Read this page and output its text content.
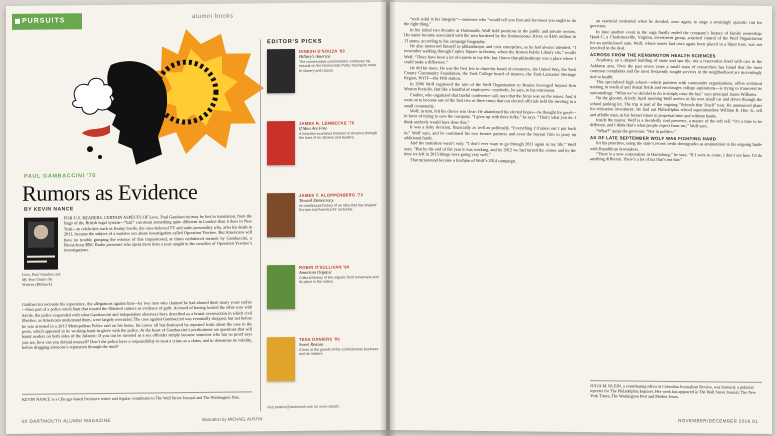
PURSUITS
alumni books
PAUL GAMBACCINI '70
Rumors as Evidence
BY KEVIN NANCE
Love, Paul Gambaccini: My Year Under the Yewtree (Biteback)
FOR U.S. READERS, CERTAIN ASPECTS OF Love, Paul Gambaccini may be lost in translation, from the lingo of the British legal system—“bail” can mean something quite different in London than it does in New York—to celebrities such as Jimmy Savile, the once-beloved TV and radio personality who, after his death in 2011, became the subject of a massive sex abuse investigation called Operation Yewtree. But Americans will have no trouble grasping the essence of this impassioned, at times embittered memoir by Gambaccini, a Bronx-born BBC Radio presenter who spent more than a year caught in the crossfire of Operation Yewtree’s investigations.
Gambaccini recounts his experience, the allegations against him—by two men who claimed he had abused them many years earlier—then part of a police witch hunt that treated the flimsiest rumors as evidence of guilt. Accused of having looked the other way with Savile, the police responded with what Gambaccini and independent observers have described as a brutal overreaction in which civil liberties, as Americans understand them, were largely overruled. The case against Gambaccini was eventually dropped, but not before he was arrested in a 2013 Metropolitan Police raid on his home, his career all but destroyed by repeated leaks about the case to the press, which appeared to be working hand-in-glove with the police. At the heart of Gambaccini’s predicament are questions that will haunt readers on both sides of the Atlantic: If you can be arrested as a sex offender simply because someone who has no proof says you are, how can you defend yourself? Don’t the police have a responsibility to treat a crime as a claim, and to determine its validity, before dragging someone’s reputation through the mud?
KEVIN NANCE is a Chicago-based freelance writer and regular contributor to The Wall Street Journal and The Washington Post.
60 DARTMOUTH ALUMNI MAGAZINE	illustration by MICHAEL AUSTIN
EDITOR'S PICKS
DINESH D'SOUZA '83
Hillary's America
The conservative commentator continues his assault on the Democratic Party, tracing its roots to slavery and racism.
JAMES R. LEMBECKE '75
If Men Are Free
A historian examines freedom in America through the lives of its citizens and leaders.
JAMES T. KLOPPENBERG '73
Toward Democracy
An intellectual history of an idea that has shaped Europe and America for centuries.
ROBIN O'SULLIVAN '90
American Organic
Cultural history of the organic food movement and its place in the nation.
TESS DANIERS '06
Sweet Reason
A look at the growth of the confectionery business and its makers.
Visit petition@dartmouth.edu for more details.

“rock solid in his integrity”—someone who “would tell you first and foremost you ought to do the right thing.”

In his initial two decades at Dartmouth, Wolf held positions in the public and private sectors. His name became associated with the area bordered by the Ammonoosuc River, to $185 million in 13 states, according to his campaign biography.

He also immersed himself in philanthropic and civic enterprises, as he had always intended. “I remember walking through Copley Square in Boston, where the Boston Public Library sits,” recalls Wolf. “There have been a lot of experts in my life, but I knew that philanthropy was a place where I could make a difference.”

He did far more. He was the first Jew to chair the board of commerce, the United Way, the York County Community Foundation, the York College board of trustees, the York-Lancaster Heritage Region, WITF—the PBS station.

In 2006 Wolf registered the sale of the Wolf Organization to Boston leveraged buyout firm Weston Presidio. But like a handful of employees—symbolic, he says, to his retirement.

Coulter, who organized that fateful conference call, says that the focus was on the issues. And it went on to become one of the first two or three times that our elected officials held the meeting in a small community.

Wolf, in turn, felt his choice was clear: He abandoned his elected hopes—he thought for good—in favor of trying to save the company. “I grew up with three folks,” he says. “That’s what you do. I think anybody would have done this.”

It was a risky decision, financially as well as politically. “Everything I’d taken out I put back in,” Wolf says, and he continued his two former partners and even the buyout firm to pony up additional funds.

And the transition wasn’t easy. “I don’t ever want to go through 2011 again in my life,” Wolf says. “But by the end of the year it was working, and by 2012 we had turned the corner and by the time we left in 2013 things were going very well.”

That turnaround became a linchpin of Wolf’s 2014 campaign.

an essential credential when he decided, once again, to stage a seemingly quixotic run for governor.

In June another event in the saga finally ended the company’s history of family ownership: Quad-C, a Charlottesville, Virginia, investment group, acquired control of the Wolf Organization for an undisclosed sum. Wolf, whose assets had once again been placed in a blind trust, was not involved in the deal.

ACROSS FROM THE KENSINGTON HEALTH SCIENCES

Academy, an L-shaped building of stone and spa tile, sits a reservation lined with cars in the Ashlawn area. Over the past seven years a small team of researchers has found that the most common complaints and the most frequently sought services in the neighborhood are increasingly tied to health.

This specialized high school—which partners with community organizations, offers technical training in medical and dental fields and encourages college aspirations—is trying to transcend its surroundings. “What we’ve decided to do is simply raise the bar,” says principal James Williams.

On the gloomy, drizzly April morning Wolf arrives in his own small car and drives through the school parking lot. The trip is part of the ongoing “Schools that Teach” tour. He announced plans for education investment. He laid out Philadelphia school superintendent William R. Hite Jr., tell and affable man, as his former tutors in perpetual time and without hands.

Inside the mayor, Wolf is a decidedly cool presence, a master of the soft sell. “It’s a time to be different, and I think that’s what people expect from me,” Wolf says.

“What?” quips the governor. “Not in politics.”

AS OF LATE SEPTEMBER WOLF WAS FIGHTING HARD

for his priorities, using the state’s recent credit downgrades as ammunition in his ongoing battle with Republican lawmakers.

“There is a new corporatism in Harrisburg,” he says. “If I were to come, I don’t see how I’d do anything different. There’s a lot of tax that’s not fair.”

JULIA M. KLEIN, a contributing editor at Columbia Journalism Review, was formerly a political reporter for The Philadelphia Inquirer. Her work has appeared in The Wall Street Journal, The New York Times, The Washington Post and Mother Jones.
NOVEMBER/DECEMBER 2016 61
